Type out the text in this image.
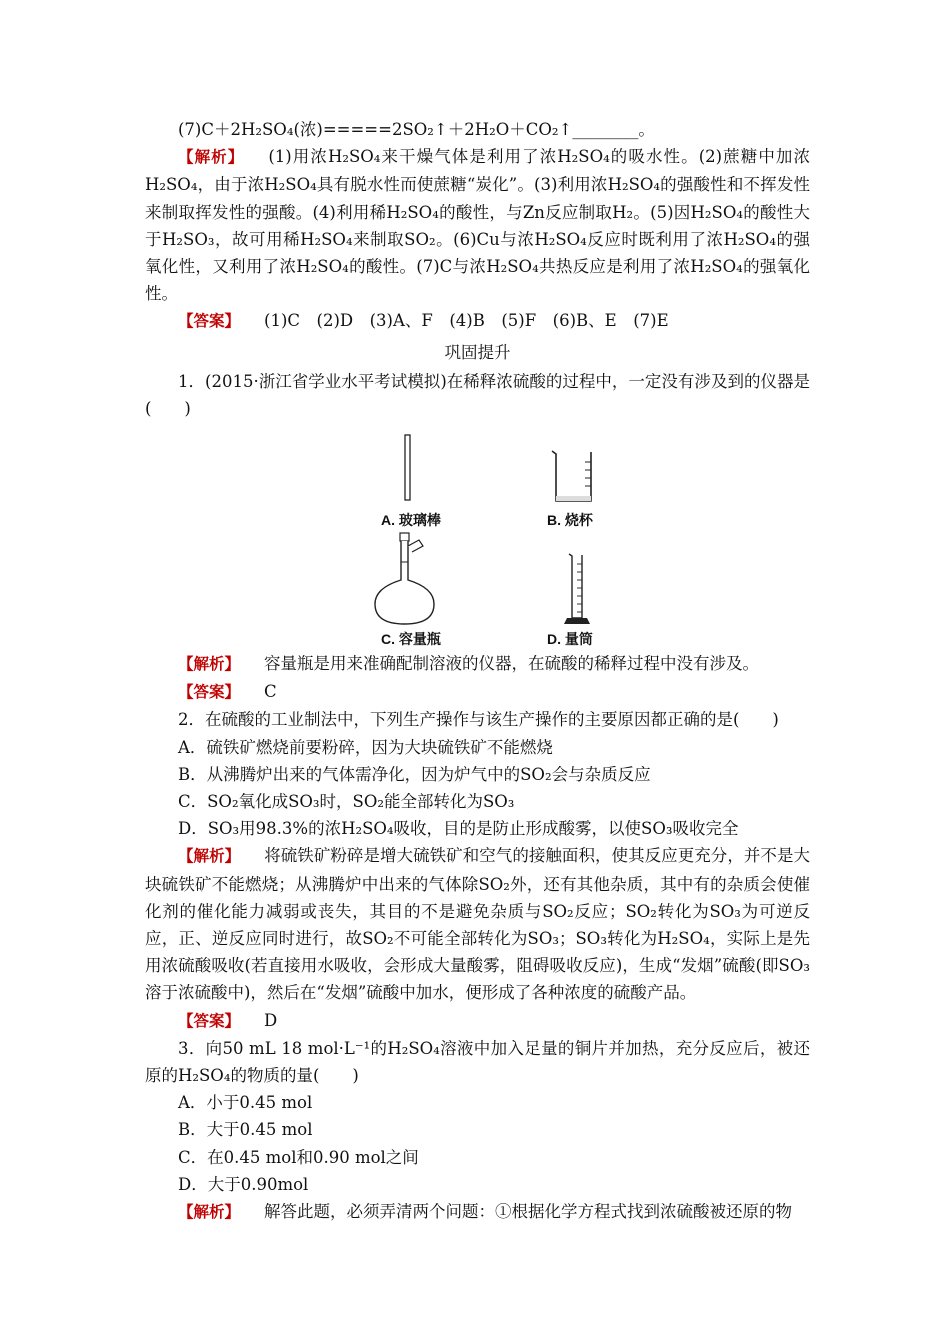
(7)C＋2H₂SO₄(浓)=====2SO₂↑＋2H₂O＋CO₂↑________。

【解析】 (1)用浓H₂SO₄来干燥气体是利用了浓H₂SO₄的吸水性。(2)蔗糖中加浓H₂SO₄，由于浓H₂SO₄具有脱水性而使蔗糖“炭化”。(3)利用浓H₂SO₄的强酸性和不挥发性来制取挥发性的强酸。(4)利用稀H₂SO₄的酸性，与Zn反应制取H₂。(5)因H₂SO₄的酸性大于H₂SO₃，故可用稀H₂SO₄来制取SO₂。(6)Cu与浓H₂SO₄反应时既利用了浓H₂SO₄的强氧化性，又利用了浓H₂SO₄的酸性。(7)C与浓H₂SO₄共热反应是利用了浓H₂SO₄的强氧化性。

【答案】 (1)C　(2)D　(3)A、F　(4)B　(5)F　(6)B、E　(7)E

巩固提升

1．(2015·浙江省学业水平考试模拟)在稀释浓硫酸的过程中，一定没有涉及到的仪器是(　　)

A. 玻璃棒	B. 烧杯
C. 容量瓶	D. 量筒

【解析】 容量瓶是用来准确配制溶液的仪器，在硫酸的稀释过程中没有涉及。

【答案】 C

2．在硫酸的工业制法中，下列生产操作与该生产操作的主要原因都正确的是(　　)

A．硫铁矿燃烧前要粉碎，因为大块硫铁矿不能燃烧

B．从沸腾炉出来的气体需净化，因为炉气中的SO₂会与杂质反应

C．SO₂氧化成SO₃时，SO₂能全部转化为SO₃

D．SO₃用98.3%的浓H₂SO₄吸收，目的是防止形成酸雾，以使SO₃吸收完全

【解析】 将硫铁矿粉碎是增大硫铁矿和空气的接触面积，使其反应更充分，并不是大块硫铁矿不能燃烧；从沸腾炉中出来的气体除SO₂外，还有其他杂质，其中有的杂质会使催化剂的催化能力减弱或丧失，其目的不是避免杂质与SO₂反应；SO₂转化为SO₃为可逆反应，正、逆反应同时进行，故SO₂不可能全部转化为SO₃；SO₃转化为H₂SO₄，实际上是先用浓硫酸吸收(若直接用水吸收，会形成大量酸雾，阻碍吸收反应)，生成“发烟”硫酸(即SO₃溶于浓硫酸中)，然后在“发烟”硫酸中加水，便形成了各种浓度的硫酸产品。

【答案】 D

3．向50 mL 18 mol·L⁻¹的H₂SO₄溶液中加入足量的铜片并加热，充分反应后，被还原的H₂SO₄的物质的量(　　)

A．小于0.45 mol

B．大于0.45 mol

C．在0.45 mol和0.90 mol之间

D．大于0.90mol

【解析】 解答此题，必须弄清两个问题：①根据化学方程式找到浓硫酸被还原的物
